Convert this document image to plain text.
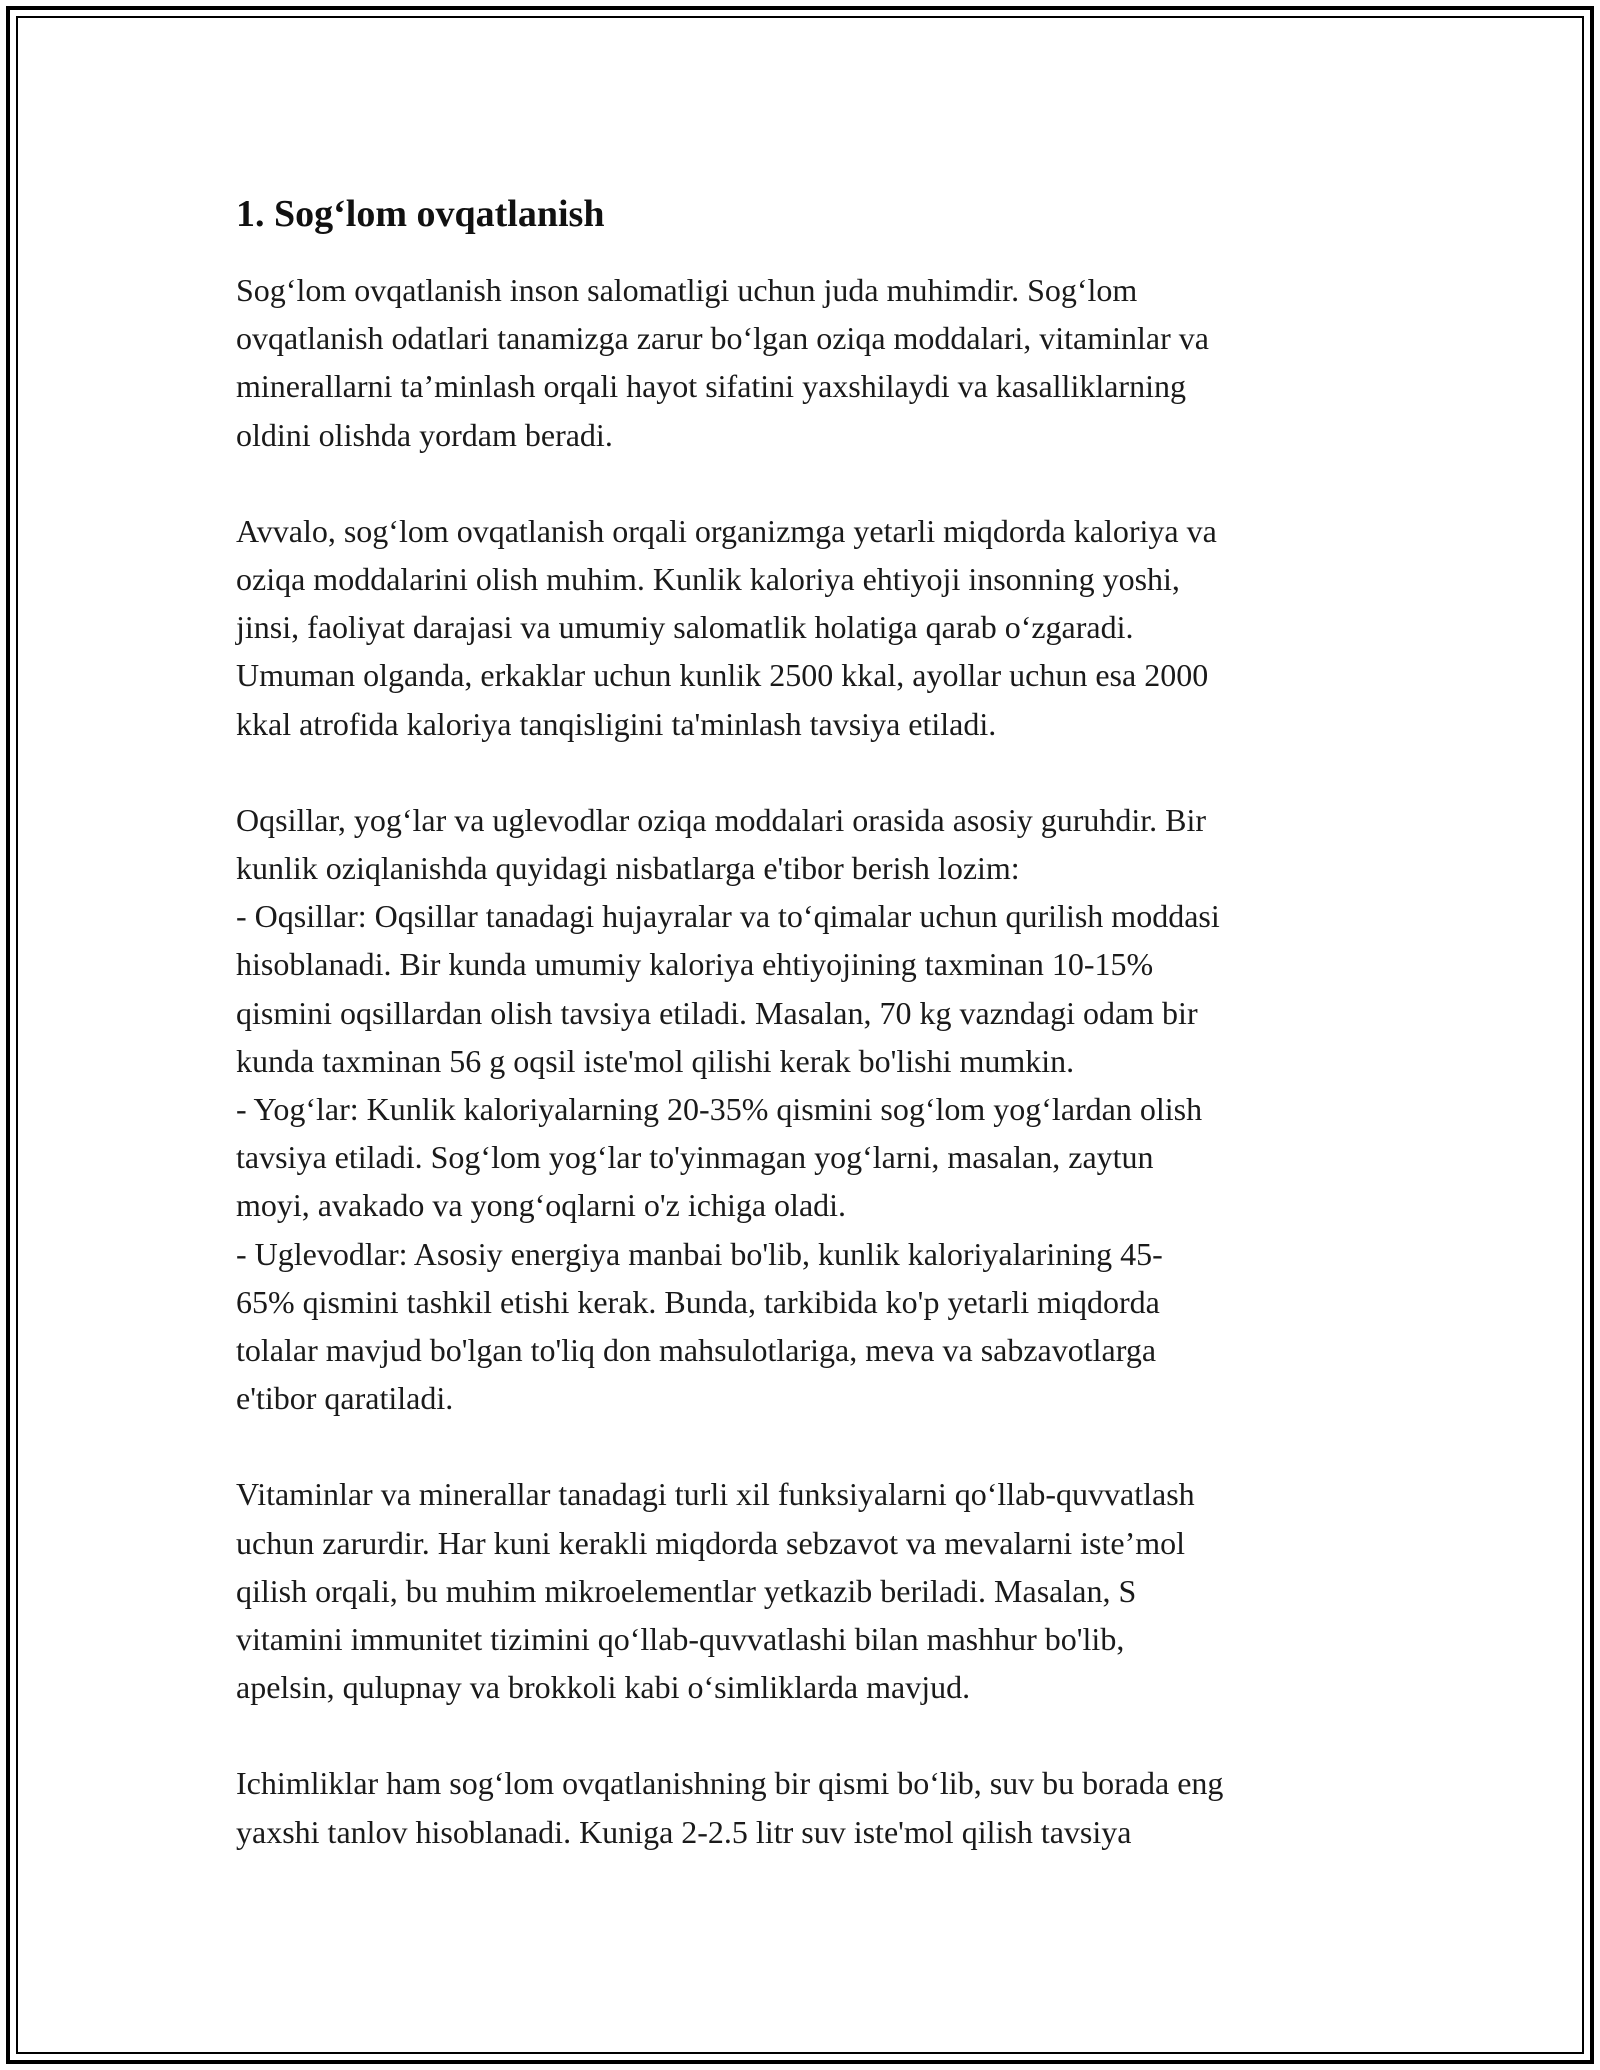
1. Sog‘lom ovqatlanish
Sog‘lom ovqatlanish inson salomatligi uchun juda muhimdir. Sog‘lom
ovqatlanish odatlari tanamizga zarur bo‘lgan oziqa moddalari, vitaminlar va
minerallarni ta’minlash orqali hayot sifatini yaxshilaydi va kasalliklarning
oldini olishda yordam beradi.
Avvalo, sog‘lom ovqatlanish orqali organizmga yetarli miqdorda kaloriya va
oziqa moddalarini olish muhim. Kunlik kaloriya ehtiyoji insonning yoshi,
jinsi, faoliyat darajasi va umumiy salomatlik holatiga qarab o‘zgaradi.
Umuman olganda, erkaklar uchun kunlik 2500 kkal, ayollar uchun esa 2000
kkal atrofida kaloriya tanqisligini ta'minlash tavsiya etiladi.
Oqsillar, yog‘lar va uglevodlar oziqa moddalari orasida asosiy guruhdir. Bir
kunlik oziqlanishda quyidagi nisbatlarga e'tibor berish lozim:
- Oqsillar: Oqsillar tanadagi hujayralar va to‘qimalar uchun qurilish moddasi
hisoblanadi. Bir kunda umumiy kaloriya ehtiyojining taxminan 10-15%
qismini oqsillardan olish tavsiya etiladi. Masalan, 70 kg vazndagi odam bir
kunda taxminan 56 g oqsil iste'mol qilishi kerak bo'lishi mumkin.
- Yog‘lar: Kunlik kaloriyalarning 20-35% qismini sog‘lom yog‘lardan olish
tavsiya etiladi. Sog‘lom yog‘lar to'yinmagan yog‘larni, masalan, zaytun
moyi, avakado va yong‘oqlarni o'z ichiga oladi.
- Uglevodlar: Asosiy energiya manbai bo'lib, kunlik kaloriyalarining 45-
65% qismini tashkil etishi kerak. Bunda, tarkibida ko'p yetarli miqdorda
tolalar mavjud bo'lgan to'liq don mahsulotlariga, meva va sabzavotlarga
e'tibor qaratiladi.
Vitaminlar va minerallar tanadagi turli xil funksiyalarni qo‘llab-quvvatlash
uchun zarurdir. Har kuni kerakli miqdorda sebzavot va mevalarni iste’mol
qilish orqali, bu muhim mikroelementlar yetkazib beriladi. Masalan, S
vitamini immunitet tizimini qo‘llab-quvvatlashi bilan mashhur bo'lib,
apelsin, qulupnay va brokkoli kabi o‘simliklarda mavjud.
Ichimliklar ham sog‘lom ovqatlanishning bir qismi bo‘lib, suv bu borada eng
yaxshi tanlov hisoblanadi. Kuniga 2-2.5 litr suv iste'mol qilish tavsiya
